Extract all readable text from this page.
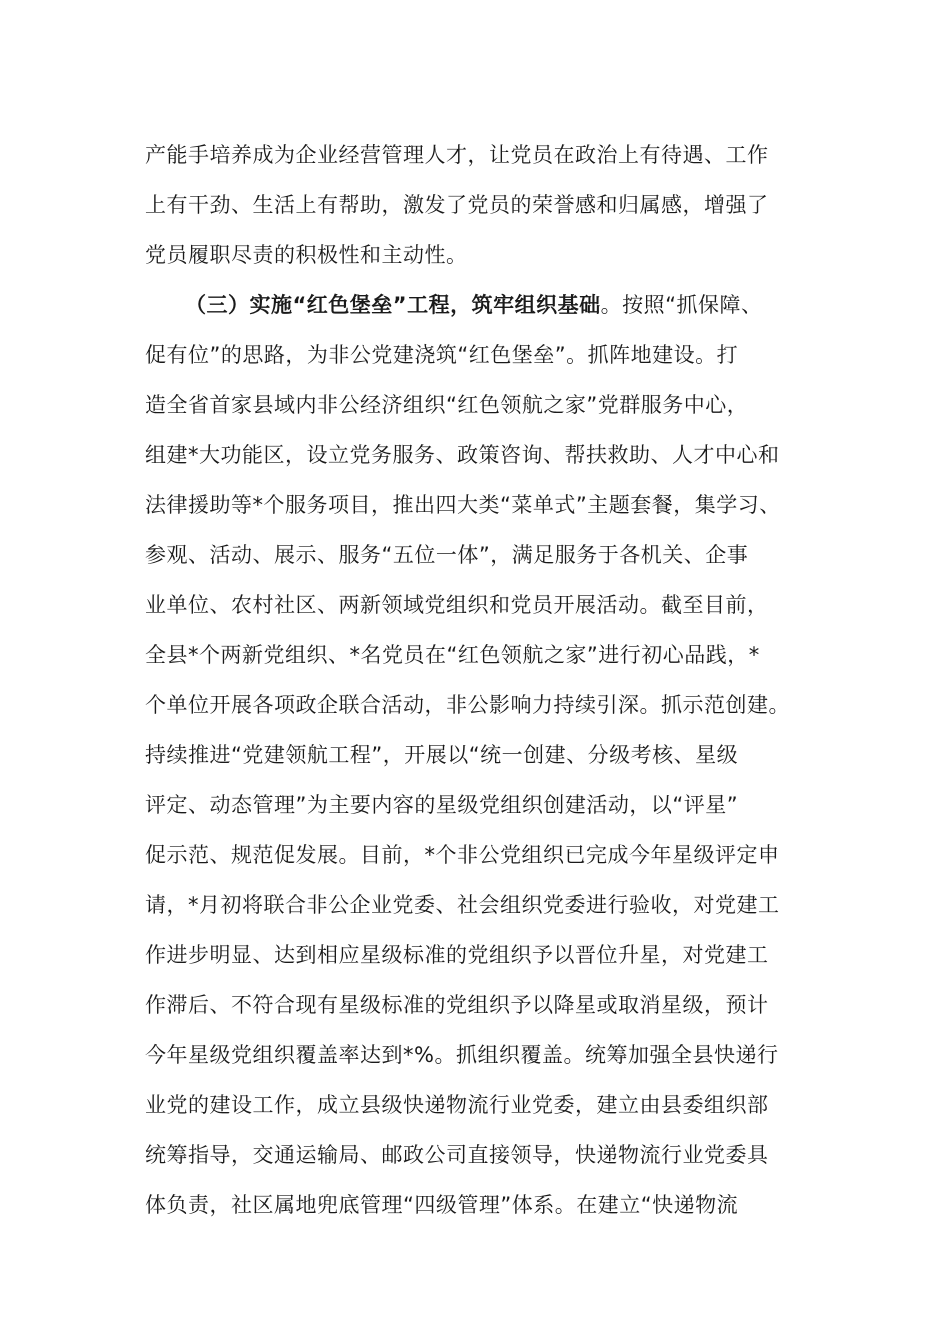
产能手培养成为企业经营管理人才，让党员在政治上有待遇、工作
上有干劲、生活上有帮助，激发了党员的荣誉感和归属感，增强了
党员履职尽责的积极性和主动性。
（三）实施“红色堡垒”工程，筑牢组织基础。按照“抓保障、
促有位”的思路，为非公党建浇筑“红色堡垒”。抓阵地建设。打
造全省首家县域内非公经济组织“红色领航之家”党群服务中心，
组建*大功能区，设立党务服务、政策咨询、帮扶救助、人才中心和
法律援助等*个服务项目，推出四大类“菜单式”主题套餐，集学习、
参观、活动、展示、服务“五位一体”，满足服务于各机关、企事
业单位、农村社区、两新领域党组织和党员开展活动。截至目前，
全县*个两新党组织、*名党员在“红色领航之家”进行初心品践，*
个单位开展各项政企联合活动，非公影响力持续引深。抓示范创建。
持续推进“党建领航工程”，开展以“统一创建、分级考核、星级
评定、动态管理”为主要内容的星级党组织创建活动，以“评星”
促示范、规范促发展。目前，*个非公党组织已完成今年星级评定申
请，*月初将联合非公企业党委、社会组织党委进行验收，对党建工
作进步明显、达到相应星级标准的党组织予以晋位升星，对党建工
作滞后、不符合现有星级标准的党组织予以降星或取消星级，预计
今年星级党组织覆盖率达到*%。抓组织覆盖。统筹加强全县快递行
业党的建设工作，成立县级快递物流行业党委，建立由县委组织部
统筹指导，交通运输局、邮政公司直接领导，快递物流行业党委具
体负责，社区属地兜底管理“四级管理”体系。在建立“快递物流
